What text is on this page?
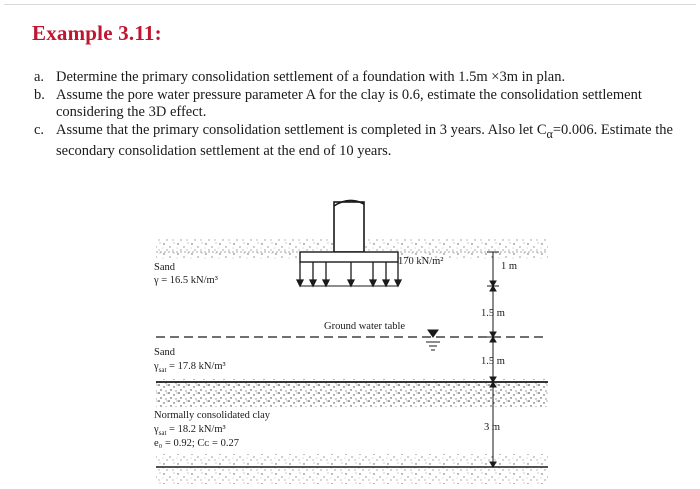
Example 3.11:
a. Determine the primary consolidation settlement of a foundation with 1.5m ×3m in plan.
b. Assume the pore water pressure parameter A for the clay is 0.6, estimate the consolidation settlement considering the 3D effect.
c. Assume that the primary consolidation settlement is completed in 3 years. Also let $C_\alpha=0.006$. Estimate the secondary consolidation settlement at the end of 10 years.
170 kN/m²
Ground water table
Sand
γ = 16.5 kN/m³
Sand
$\gamma_{sat} = 17.8$ kN/m³
Normally consolidated clay
$\gamma_{sat} = 18.2$ kN/m³
e₀ = 0.92; Cᴄ = 0.27
1 m
1.5 m
1.5 m
3 m
